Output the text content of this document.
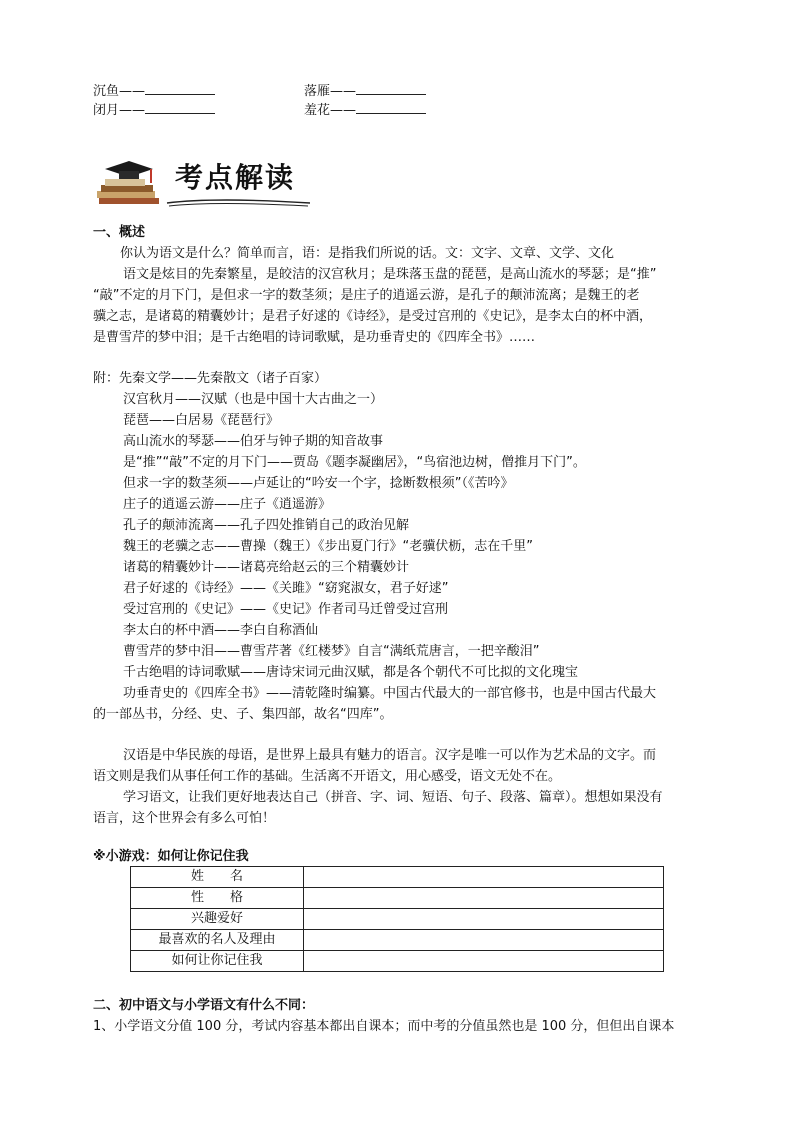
沉鱼——	落雁——
闭月——	羞花——
考点解读
一、概述
你认为语文是什么？简单而言，语：是指我们所说的话。文：文字、文章、文学、文化
语文是炫目的先秦繁星，是皎洁的汉宫秋月；是珠落玉盘的琵琶，是高山流水的琴瑟；是“推”
“敲”不定的月下门，是但求一字的数茎须；是庄子的逍遥云游，是孔子的颠沛流离；是魏王的老
骥之志，是诸葛的精囊妙计；是君子好逑的《诗经》，是受过宫刑的《史记》，是李太白的杯中酒，
是曹雪芹的梦中泪；是千古绝唱的诗词歌赋，是功垂青史的《四库全书》……
附：先秦文学——先秦散文（诸子百家）
汉宫秋月——汉赋（也是中国十大古曲之一）
琵琶——白居易《琵琶行》
高山流水的琴瑟——伯牙与钟子期的知音故事
是“推”“敲”不定的月下门——贾岛《题李凝幽居》，“鸟宿池边树，僧推月下门”。
但求一字的数茎须——卢延让的“吟安一个字，捻断数根须”（《苦吟》
庄子的逍遥云游——庄子《逍遥游》
孔子的颠沛流离——孔子四处推销自己的政治见解
魏王的老骥之志——曹操（魏王）《步出夏门行》“老骥伏枥，志在千里”
诸葛的精囊妙计——诸葛亮给赵云的三个精囊妙计
君子好逑的《诗经》——《关雎》“窈窕淑女，君子好逑”
受过宫刑的《史记》——《史记》作者司马迁曾受过宫刑
李太白的杯中酒——李白自称酒仙
曹雪芹的梦中泪——曹雪芹著《红楼梦》自言“满纸荒唐言，一把辛酸泪”
千古绝唱的诗词歌赋——唐诗宋词元曲汉赋，都是各个朝代不可比拟的文化瑰宝
功垂青史的《四库全书》——清乾隆时编纂。中国古代最大的一部官修书，也是中国古代最大
的一部丛书，分经、史、子、集四部，故名“四库”。
汉语是中华民族的母语，是世界上最具有魅力的语言。汉字是唯一可以作为艺术品的文字。而
语文则是我们从事任何工作的基础。生活离不开语文，用心感受，语文无处不在。
学习语文，让我们更好地表达自己（拼音、字、词、短语、句子、段落、篇章）。想想如果没有
语言，这个世界会有多么可怕！
※小游戏：如何让你记住我
姓　　名	
性　　格	
兴趣爱好	
最喜欢的名人及理由	
如何让你记住我	
二、初中语文与小学语文有什么不同：
1、小学语文分值 100 分，考试内容基本都出自课本；而中考的分值虽然也是 100 分，但但出自课本
